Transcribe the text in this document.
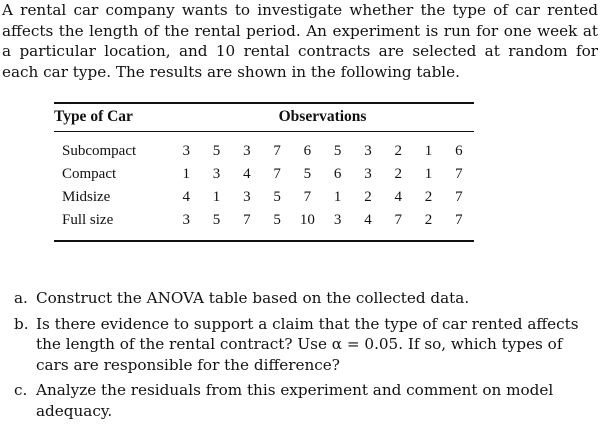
A rental car company wants to investigate whether the type of car rented affects the length of the rental period. An experiment is run for one week at a particular location, and 10 rental contracts are selected at random for each car type. The results are shown in the following table.

Type of Car	Observations									
Subcompact	3	5	3	7	6	5	3	2	1	6
Compact	1	3	4	7	5	6	3	2	1	7
Midsize	4	1	3	5	7	1	2	4	2	7
Full size	3	5	7	5	10	3	4	7	2	7
a. Construct the ANOVA table based on the collected data.
b. Is there evidence to support a claim that the type of car rented affects the length of the rental contract? Use α = 0.05. If so, which types of cars are responsible for the difference?
c. Analyze the residuals from this experiment and comment on model adequacy.
